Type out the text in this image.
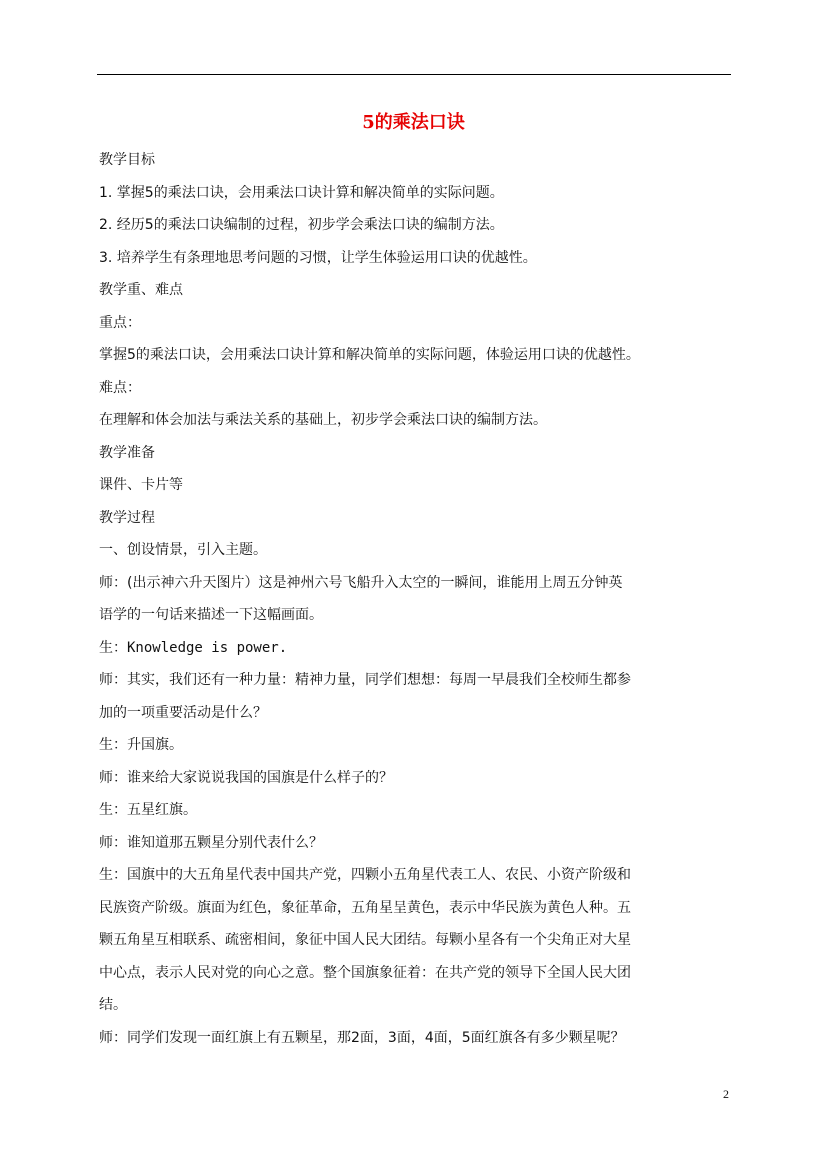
5的乘法口诀

教学目标

1. 掌握5的乘法口诀，会用乘法口诀计算和解决简单的实际问题。

2. 经历5的乘法口诀编制的过程，初步学会乘法口诀的编制方法。

3. 培养学生有条理地思考问题的习惯，让学生体验运用口诀的优越性。

教学重、难点

重点：

掌握5的乘法口诀，会用乘法口诀计算和解决简单的实际问题，体验运用口诀的优越性。

难点：

在理解和体会加法与乘法关系的基础上，初步学会乘法口诀的编制方法。

教学准备

课件、卡片等

教学过程

一、创设情景，引入主题。

师：(出示神六升天图片）这是神州六号飞船升入太空的一瞬间，谁能用上周五分钟英

语学的一句话来描述一下这幅画面。

生：Knowledge is power.

师：其实，我们还有一种力量：精神力量，同学们想想：每周一早晨我们全校师生都参

加的一项重要活动是什么？

生：升国旗。

师：谁来给大家说说我国的国旗是什么样子的？

生：五星红旗。

师：谁知道那五颗星分别代表什么？

生：国旗中的大五角星代表中国共产党，四颗小五角星代表工人、农民、小资产阶级和

民族资产阶级。旗面为红色，象征革命，五角星呈黄色，表示中华民族为黄色人种。五

颗五角星互相联系、疏密相间，象征中国人民大团结。每颗小星各有一个尖角正对大星

中心点，表示人民对党的向心之意。整个国旗象征着：在共产党的领导下全国人民大团

结。

师：同学们发现一面红旗上有五颗星，那2面，3面，4面，5面红旗各有多少颗星呢？

2
